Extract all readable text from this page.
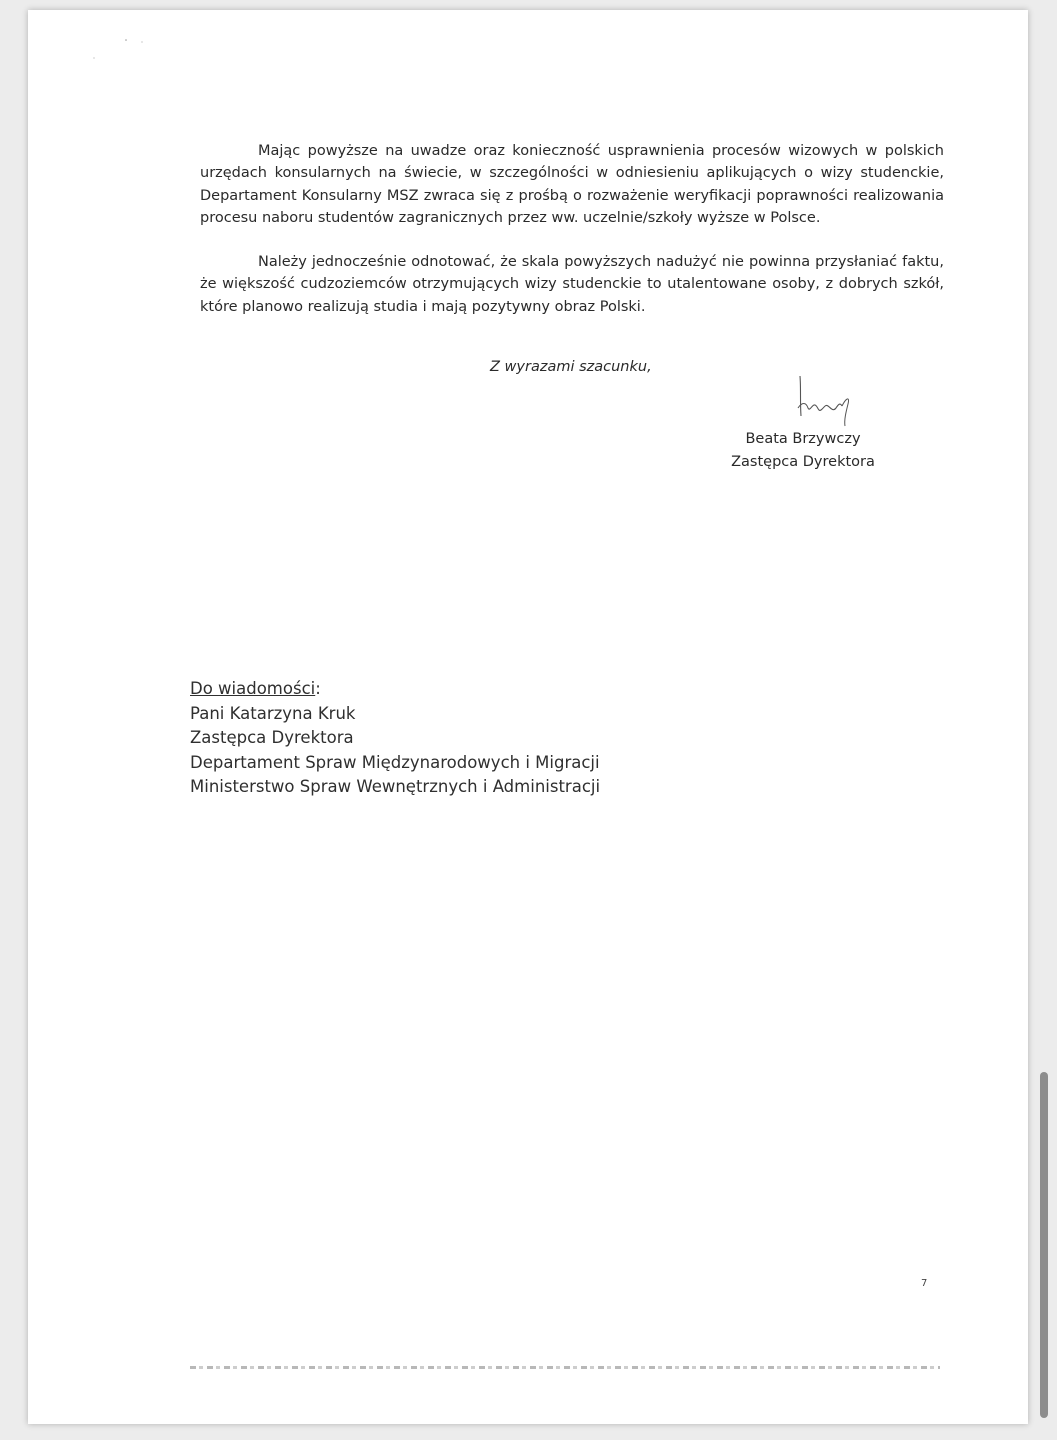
Mając powyższe na uwadze oraz konieczność usprawnienia procesów wizowych w polskich urzędach konsularnych na świecie, w szczególności w odniesieniu aplikujących o wizy studenckie, Departament Konsularny MSZ zwraca się z prośbą o rozważenie weryfikacji poprawności realizowania procesu naboru studentów zagranicznych przez ww. uczelnie/szkoły wyższe w Polsce.

Należy jednocześnie odnotować, że skala powyższych nadużyć nie powinna przysłaniać faktu, że większość cudzoziemców otrzymujących wizy studenckie to utalentowane osoby, z dobrych szkół, które planowo realizują studia i mają pozytywny obraz Polski.

Z wyrazami szacunku,
Beata Brzywczy
Zastępca Dyrektora
Do wiadomości:
Pani Katarzyna Kruk
Zastępca Dyrektora
Departament Spraw Międzynarodowych i Migracji
Ministerstwo Spraw Wewnętrznych i Administracji
7
